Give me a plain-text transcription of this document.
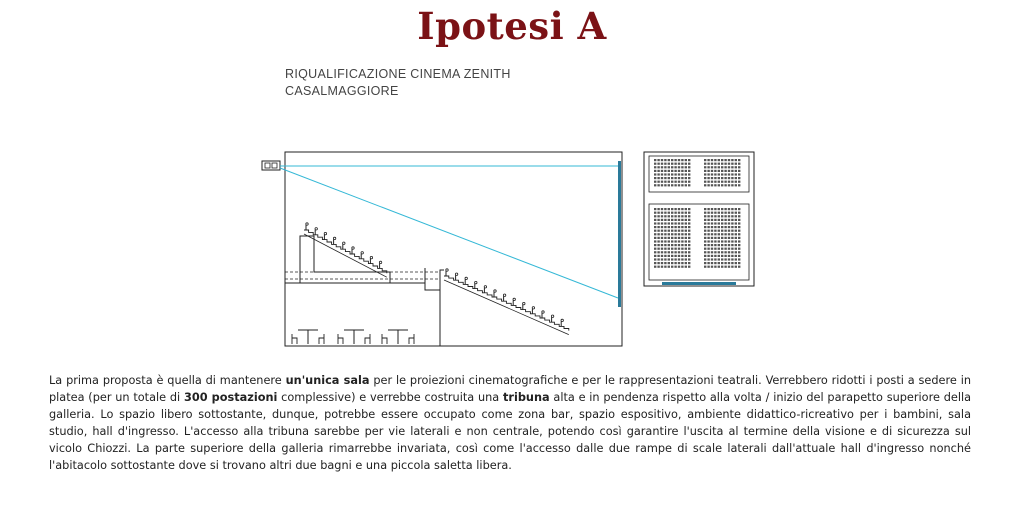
Ipotesi A
RIQUALIFICAZIONE CINEMA ZENITH
CASALMAGGIORE
La prima proposta è quella di mantenere un'unica sala per le proiezioni cinematografiche e per le rappresentazioni teatrali. Verrebbero ridotti i posti a sedere in platea (per un totale di 300 postazioni complessive) e verrebbe costruita una tribuna alta e in pendenza rispetto alla volta / inizio del parapetto superiore della galleria. Lo spazio libero sottostante, dunque, potrebbe essere occupato come zona bar, spazio espositivo, ambiente didattico-ricreativo per i bambini, sala studio, hall d'ingresso. L'accesso alla tribuna sarebbe per vie laterali e non centrale, potendo così garantire l'uscita al termine della visione e di sicurezza sul vicolo Chiozzi. La parte superiore della galleria rimarrebbe invariata, così come l'accesso dalle due rampe di scale laterali dall'attuale hall d'ingresso nonché l'abitacolo sottostante dove si trovano altri due bagni e una piccola saletta libera.
